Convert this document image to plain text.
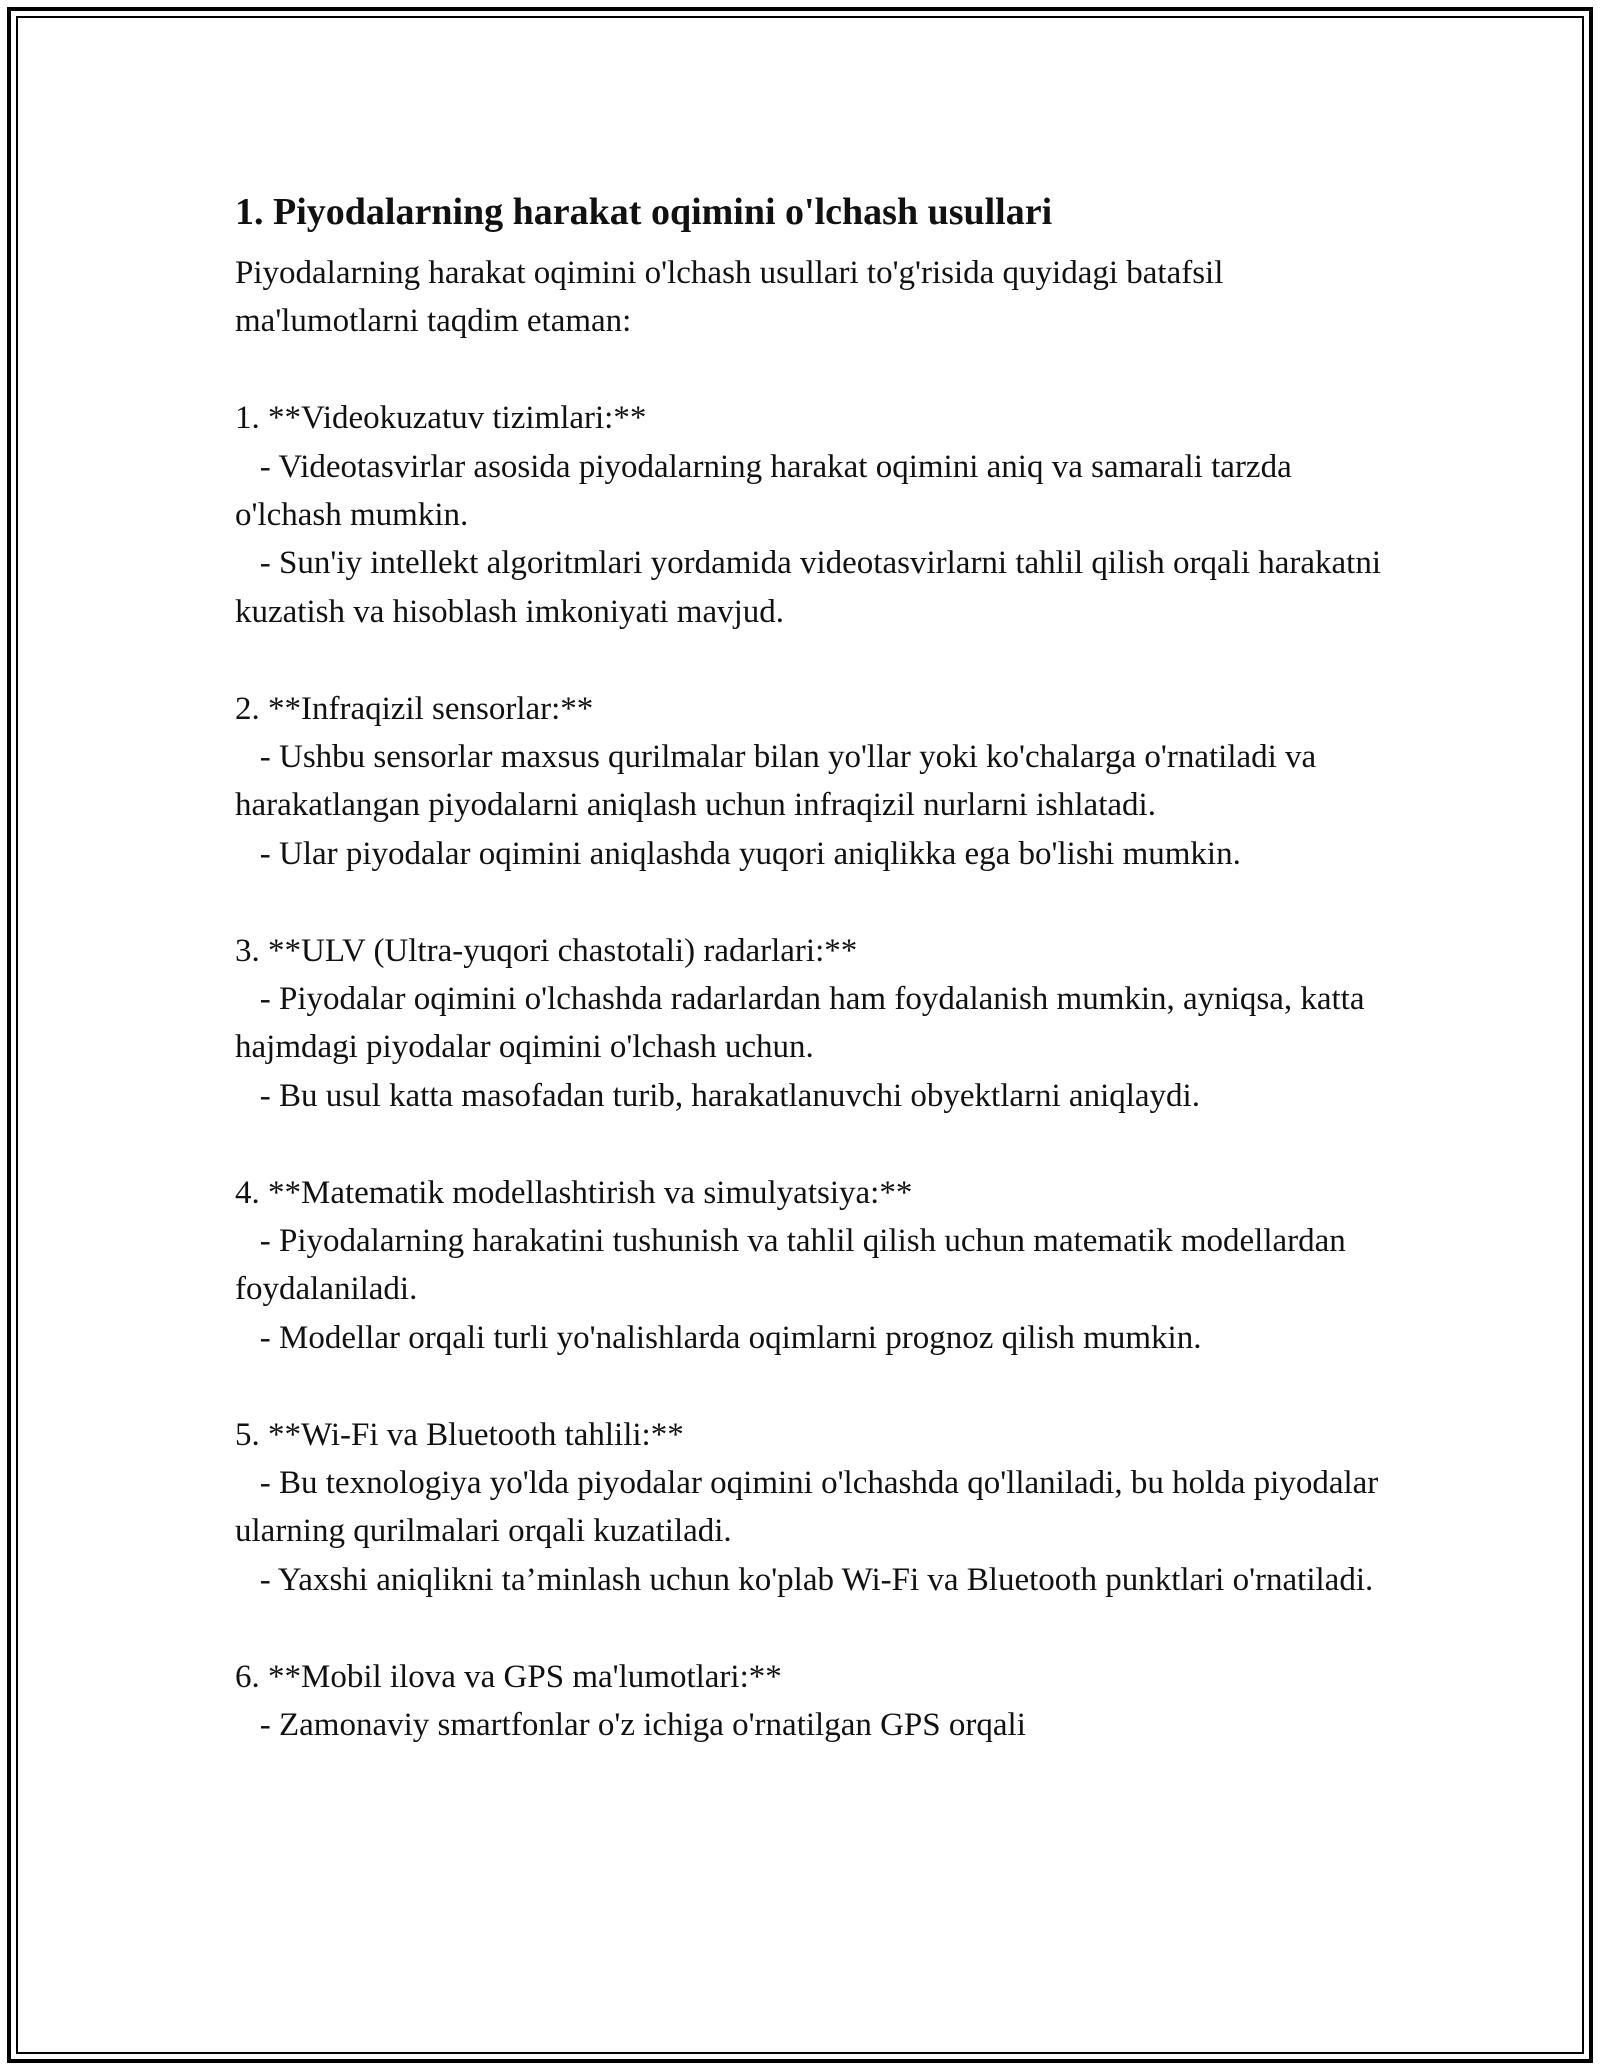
1. Piyodalarning harakat oqimini o'lchash usullari

Piyodalarning harakat oqimini o'lchash usullari to'g'risida quyidagi batafsil ma'lumotlarni taqdim etaman:

1. **Videokuzatuv tizimlari:**

- Videotasvirlar asosida piyodalarning harakat oqimini aniq va samarali tarzda o'lchash mumkin.

- Sun'iy intellekt algoritmlari yordamida videotasvirlarni tahlil qilish orqali harakatni kuzatish va hisoblash imkoniyati mavjud.

2. **Infraqizil sensorlar:**

- Ushbu sensorlar maxsus qurilmalar bilan yo'llar yoki ko'chalarga o'rnatiladi va harakatlangan piyodalarni aniqlash uchun infraqizil nurlarni ishlatadi.

- Ular piyodalar oqimini aniqlashda yuqori aniqlikka ega bo'lishi mumkin.

3. **ULV (Ultra-yuqori chastotali) radarlari:**

- Piyodalar oqimini o'lchashda radarlardan ham foydalanish mumkin, ayniqsa, katta hajmdagi piyodalar oqimini o'lchash uchun.

- Bu usul katta masofadan turib, harakatlanuvchi obyektlarni aniqlaydi.

4. **Matematik modellashtirish va simulyatsiya:**

- Piyodalarning harakatini tushunish va tahlil qilish uchun matematik modellardan foydalaniladi.

- Modellar orqali turli yo'nalishlarda oqimlarni prognoz qilish mumkin.

5. **Wi-Fi va Bluetooth tahlili:**

- Bu texnologiya yo'lda piyodalar oqimini o'lchashda qo'llaniladi, bu holda piyodalar ularning qurilmalari orqali kuzatiladi.

- Yaxshi aniqlikni ta’minlash uchun ko'plab Wi-Fi va Bluetooth punktlari o'rnatiladi.

6. **Mobil ilova va GPS ma'lumotlari:**

- Zamonaviy smartfonlar o'z ichiga o'rnatilgan GPS orqali
